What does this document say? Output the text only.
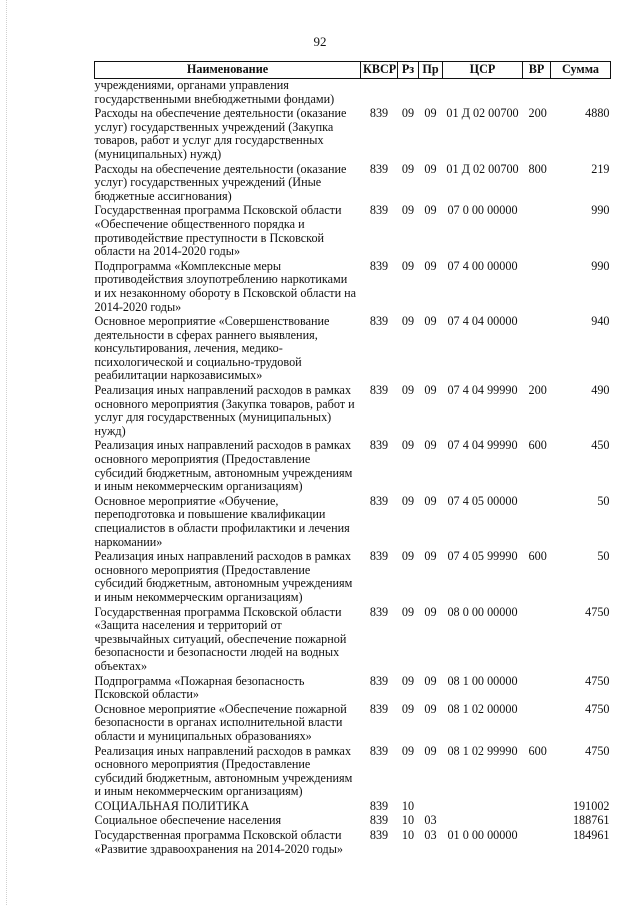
92
Наименование	КВСР	Рз	Пр	ЦСР	ВР	Сумма
учреждениями, органами управления государственными внебюджетными фондами)						
Расходы на обеспечение деятельности (оказание услуг) государственных учреждений (Закупка товаров, работ и услуг для государственных (муниципальных) нужд)	839	09	09	01 Д 02 00700	200	4880
Расходы на обеспечение деятельности (оказание услуг) государственных учреждений (Иные бюджетные ассигнования)	839	09	09	01 Д 02 00700	800	219
Государственная программа Псковской области «Обеспечение общественного порядка и противодействие преступности в Псковской области на 2014-2020 годы»	839	09	09	07 0 00 00000		990
Подпрограмма «Комплексные меры противодействия злоупотреблению наркотиками и их незаконному обороту в Псковской области на 2014-2020 годы»	839	09	09	07 4 00 00000		990
Основное мероприятие «Совершенствование деятельности в сферах раннего выявления, консультирования, лечения, медико-психологической и социально-трудовой реабилитации наркозависимых»	839	09	09	07 4 04 00000		940
Реализация иных направлений расходов в рамках основного мероприятия (Закупка товаров, работ и услуг для государственных (муниципальных) нужд)	839	09	09	07 4 04 99990	200	490
Реализация иных направлений расходов в рамках основного мероприятия (Предоставление субсидий бюджетным, автономным учреждениям и иным некоммерческим организациям)	839	09	09	07 4 04 99990	600	450
Основное мероприятие «Обучение, переподготовка и повышение квалификации специалистов в области профилактики и лечения наркомании»	839	09	09	07 4 05 00000		50
Реализация иных направлений расходов в рамках основного мероприятия (Предоставление субсидий бюджетным, автономным учреждениям и иным некоммерческим организациям)	839	09	09	07 4 05 99990	600	50
Государственная программа Псковской области «Защита населения и территорий от чрезвычайных ситуаций, обеспечение пожарной безопасности и безопасности людей на водных объектах»	839	09	09	08 0 00 00000		4750
Подпрограмма «Пожарная безопасность Псковской области»	839	09	09	08 1 00 00000		4750
Основное мероприятие «Обеспечение пожарной безопасности в органах исполнительной власти области и муниципальных образованиях»	839	09	09	08 1 02 00000		4750
Реализация иных направлений расходов в рамках основного мероприятия (Предоставление субсидий бюджетным, автономным учреждениям и иным некоммерческим организациям)	839	09	09	08 1 02 99990	600	4750
СОЦИАЛЬНАЯ ПОЛИТИКА	839	10				191002
Социальное обеспечение населения	839	10	03			188761
Государственная программа Псковской области «Развитие здравоохранения на 2014-2020 годы»	839	10	03	01 0 00 00000		184961
